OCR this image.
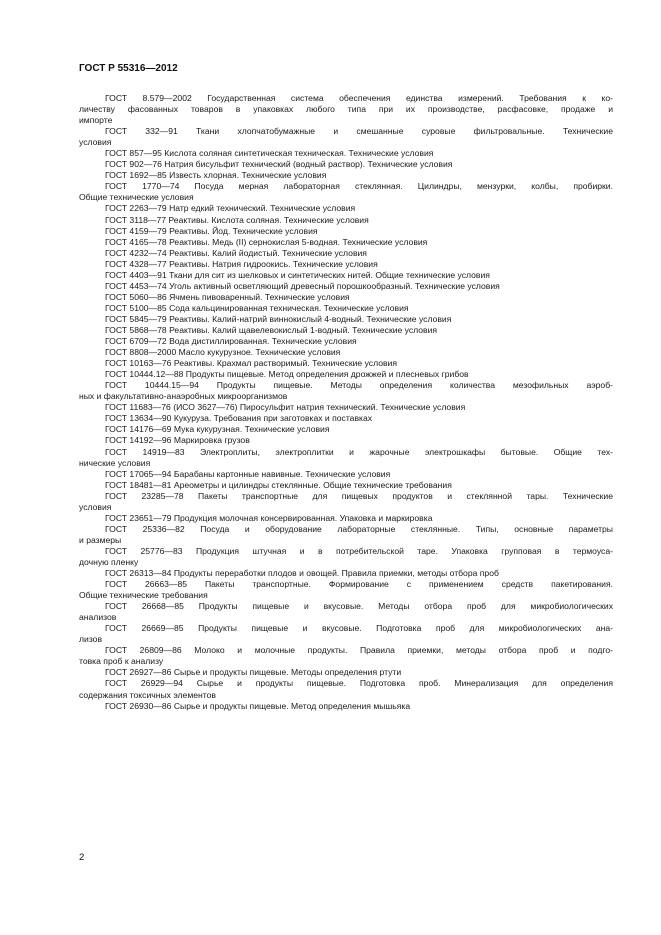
ГОСТ Р 55316—2012
ГОСТ 8.579—2002 Государственная система обеспечения единства измерений. Требования к ко-
личеству фасованных товаров в упаковках любого типа при их производстве, расфасовке, продаже и
импорте
ГОСТ 332—91 Ткани хлопчатобумажные и смешанные суровые фильтровальные. Технические
условия
ГОСТ 857—95 Кислота соляная синтетическая техническая. Технические условия
ГОСТ 902—76 Натрия бисульфит технический (водный раствор). Технические условия
ГОСТ 1692—85 Известь хлорная. Технические условия
ГОСТ 1770—74 Посуда мерная лабораторная стеклянная. Цилиндры, мензурки, колбы, пробирки.
Общие технические условия
ГОСТ 2263—79 Натр едкий технический. Технические условия
ГОСТ 3118—77 Реактивы. Кислота соляная. Технические условия
ГОСТ 4159—79 Реактивы. Йод. Технические условия
ГОСТ 4165—78 Реактивы. Медь (II) сернокислая 5-водная. Технические условия
ГОСТ 4232—74 Реактивы. Калий йодистый. Технические условия
ГОСТ 4328—77 Реактивы. Натрия гидроокись. Технические условия
ГОСТ 4403—91 Ткани для сит из шелковых и синтетических нитей. Общие технические условия
ГОСТ 4453—74 Уголь активный осветляющий древесный порошкообразный. Технические условия
ГОСТ 5060—86 Ячмень пивоваренный. Технические условия
ГОСТ 5100—85 Сода кальцинированная техническая. Технические условия
ГОСТ 5845—79 Реактивы. Калий-натрий виннокислый 4-водный. Технические условия
ГОСТ 5868—78 Реактивы. Калий щавелевокислый 1-водный. Технические условия
ГОСТ 6709—72 Вода дистиллированная. Технические условия
ГОСТ 8808—2000 Масло кукурузное. Технические условия
ГОСТ 10163—76 Реактивы. Крахмал растворимый. Технические условия
ГОСТ 10444.12—88 Продукты пищевые. Метод определения дрожжей и плесневых грибов
ГОСТ 10444.15—94 Продукты пищевые. Методы определения количества мезофильных аэроб-
ных и факультативно-анаэробных микроорганизмов
ГОСТ 11683—76 (ИСО 3627—76) Пиросульфит натрия технический. Технические условия
ГОСТ 13634—90 Кукуруза. Требования при заготовках и поставках
ГОСТ 14176—69 Мука кукурузная. Технические условия
ГОСТ 14192—96 Маркировка грузов
ГОСТ 14919—83 Электроплиты, электроплитки и жарочные электрошкафы бытовые. Общие тех-
нические условия
ГОСТ 17065—94 Барабаны картонные навивные. Технические условия
ГОСТ 18481—81 Ареометры и цилиндры стеклянные. Общие технические требования
ГОСТ 23285—78 Пакеты транспортные для пищевых продуктов и стеклянной тары. Технические
условия
ГОСТ 23651—79 Продукция молочная консервированная. Упаковка и маркировка
ГОСТ 25336—82 Посуда и оборудование лабораторные стеклянные. Типы, основные параметры
и размеры
ГОСТ 25776—83 Продукция штучная и в потребительской таре. Упаковка групповая в термоуса-
дочную пленку
ГОСТ 26313—84 Продукты переработки плодов и овощей. Правила приемки, методы отбора проб
ГОСТ 26663—85 Пакеты транспортные. Формирование с применением средств пакетирования.
Общие технические требования
ГОСТ 26668—85 Продукты пищевые и вкусовые. Методы отбора проб для микробиологических
анализов
ГОСТ 26669—85 Продукты пищевые и вкусовые. Подготовка проб для микробиологических ана-
лизов
ГОСТ 26809—86 Молоко и молочные продукты. Правила приемки, методы отбора проб и подго-
товка проб к анализу
ГОСТ 26927—86 Сырье и продукты пищевые. Методы определения ртути
ГОСТ 26929—94 Сырье и продукты пищевые. Подготовка проб. Минерализация для определения
содержания токсичных элементов
ГОСТ 26930—86 Сырье и продукты пищевые. Метод определения мышьяка
2
